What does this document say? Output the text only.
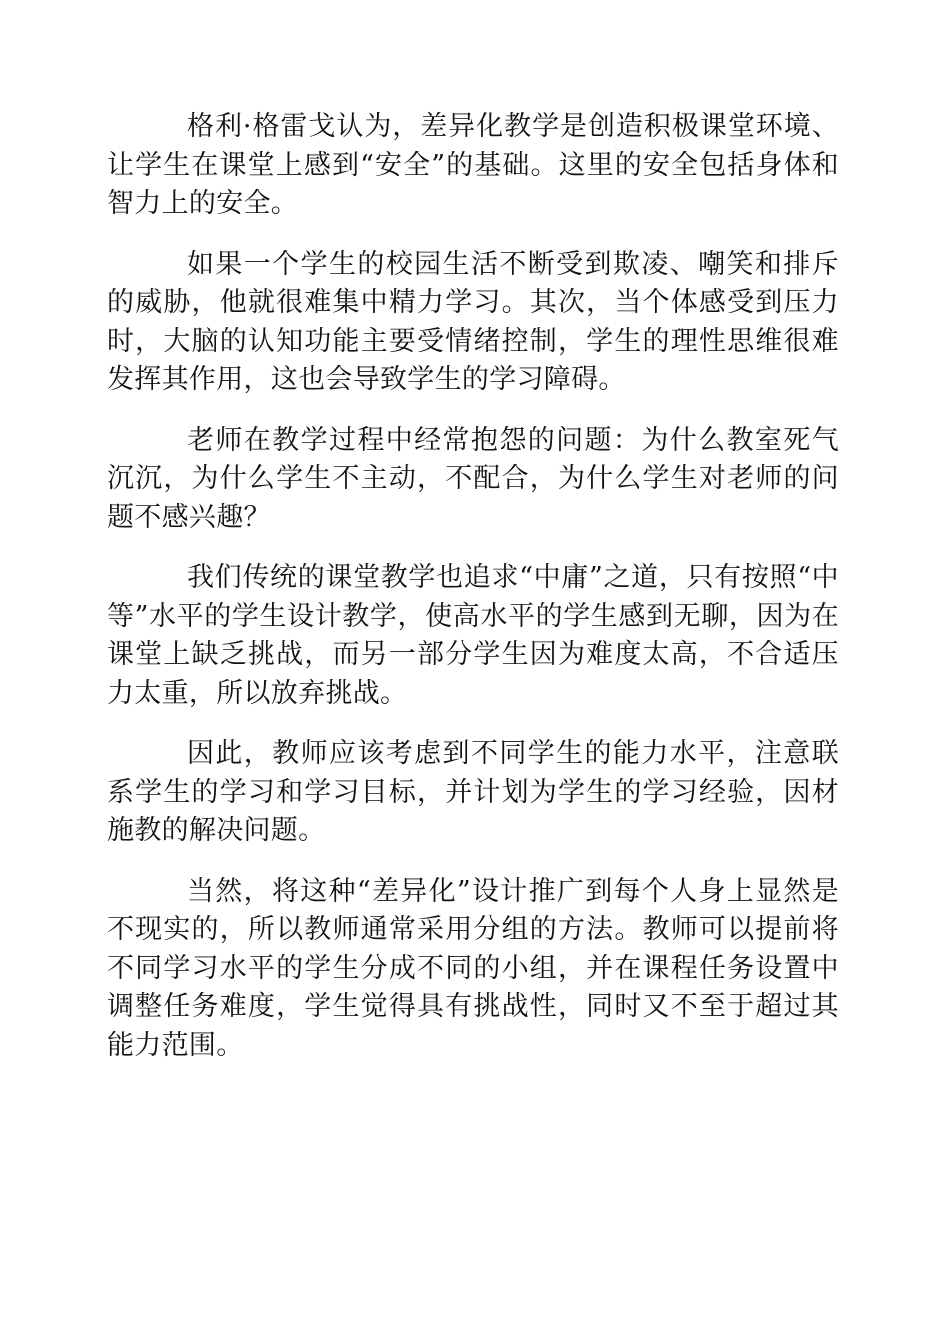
格利·格雷戈认为，差异化教学是创造积极课堂环境、让学生在课堂上感到“安全”的基础。这里的安全包括身体和智力上的安全。

如果一个学生的校园生活不断受到欺凌、嘲笑和排斥的威胁，他就很难集中精力学习。其次，当个体感受到压力时，大脑的认知功能主要受情绪控制，学生的理性思维很难发挥其作用，这也会导致学生的学习障碍。

老师在教学过程中经常抱怨的问题：为什么教室死气沉沉，为什么学生不主动，不配合，为什么学生对老师的问题不感兴趣？

我们传统的课堂教学也追求“中庸”之道，只有按照“中等”水平的学生设计教学，使高水平的学生感到无聊，因为在课堂上缺乏挑战，而另一部分学生因为难度太高，不合适压力太重，所以放弃挑战。

因此，教师应该考虑到不同学生的能力水平，注意联系学生的学习和学习目标，并计划为学生的学习经验，因材施教的解决问题。

当然，将这种“差异化”设计推广到每个人身上显然是不现实的，所以教师通常采用分组的方法。教师可以提前将不同学习水平的学生分成不同的小组，并在课程任务设置中调整任务难度，学生觉得具有挑战性，同时又不至于超过其能力范围。
